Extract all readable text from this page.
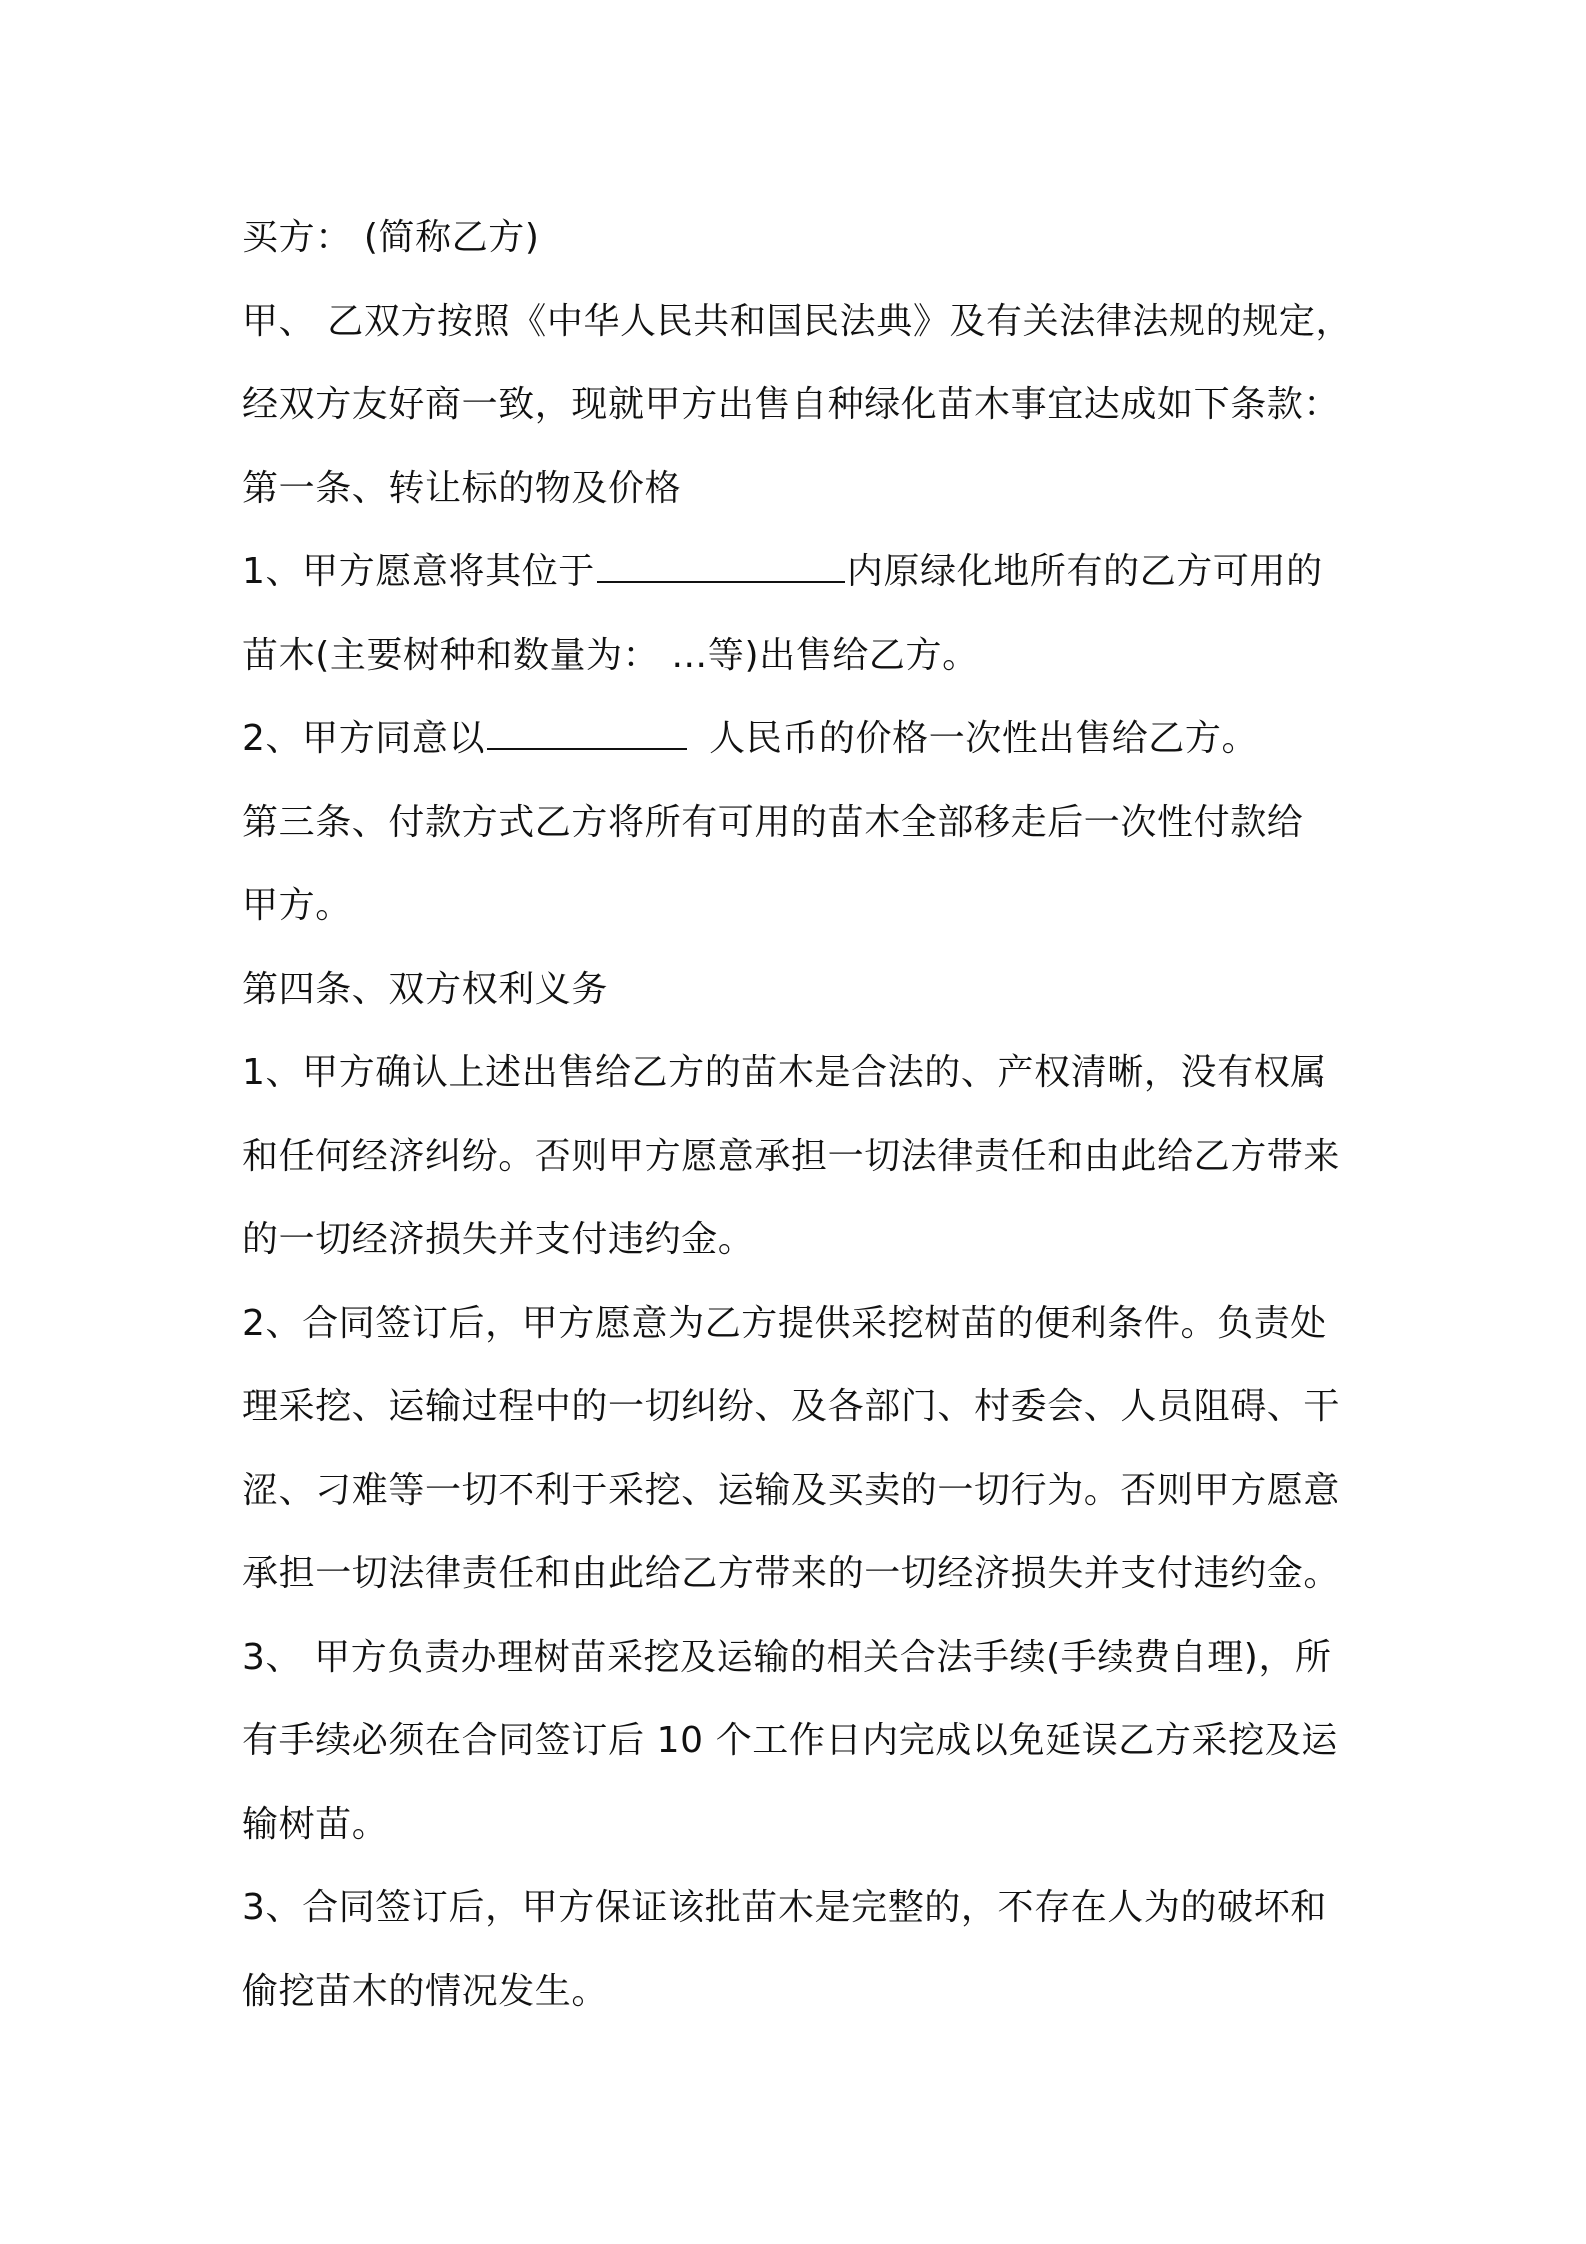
买方： (简称乙方)
甲、 乙双方按照《中华人民共和国民法典》及有关法律法规的规定，
经双方友好商一致，现就甲方出售自种绿化苗木事宜达成如下条款：
第一条、转让标的物及价格
1、甲方愿意将其位于	内原绿化地所有的乙方可用的
苗木(主要树种和数量为： …等)出售给乙方。
2、甲方同意以	人民币的价格一次性出售给乙方。
第三条、付款方式乙方将所有可用的苗木全部移走后一次性付款给
甲方。
第四条、双方权利义务
1、甲方确认上述出售给乙方的苗木是合法的、产权清晰，没有权属
和任何经济纠纷。否则甲方愿意承担一切法律责任和由此给乙方带来
的一切经济损失并支付违约金。
2、合同签订后，甲方愿意为乙方提供采挖树苗的便利条件。负责处
理采挖、运输过程中的一切纠纷、及各部门、村委会、人员阻碍、干
涩、刁难等一切不利于采挖、运输及买卖的一切行为。否则甲方愿意
承担一切法律责任和由此给乙方带来的一切经济损失并支付违约金。
3、 甲方负责办理树苗采挖及运输的相关合法手续(手续费自理)，所
有手续必须在合同签订后 10 个工作日内完成以免延误乙方采挖及运
输树苗。
3、合同签订后，甲方保证该批苗木是完整的，不存在人为的破坏和
偷挖苗木的情况发生。
